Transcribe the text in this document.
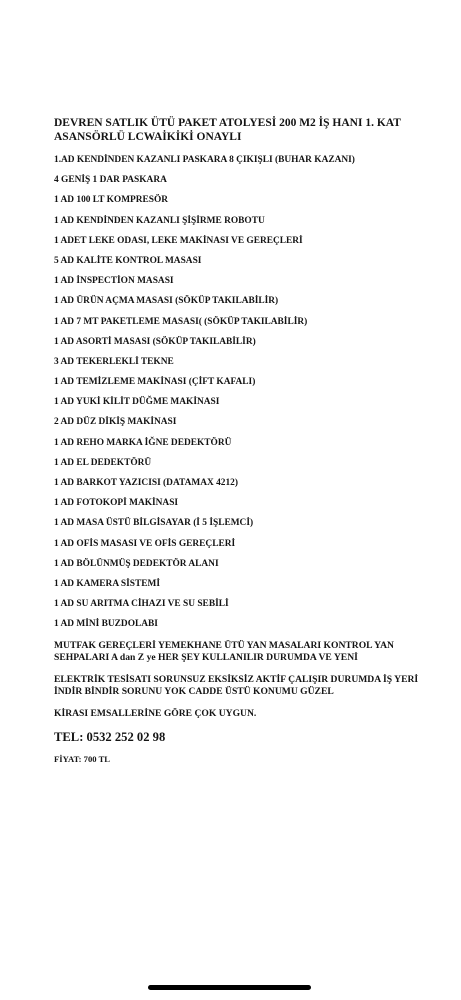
DEVREN SATLIK ÜTÜ PAKET ATOLYESİ 200 M2 İŞ HANI 1. KAT ASANSÖRLÜ LCWAİKİKİ ONAYLI
1.AD KENDİNDEN KAZANLI PASKARA 8 ÇIKIŞLI (BUHAR KAZANI)
4 GENİŞ 1 DAR PASKARA
1 AD 100 LT KOMPRESÖR
1 AD KENDİNDEN KAZANLI ŞİŞİRME ROBOTU
1 ADET LEKE ODASI, LEKE MAKİNASI VE GEREÇLERİ
5 AD KALİTE KONTROL MASASI
1 AD İNSPECTİON MASASI
1 AD ÜRÜN AÇMA MASASI (SÖKÜP TAKILABİLİR)
1 AD 7 MT PAKETLEME MASASI( (SÖKÜP TAKILABİLİR)
1 AD ASORTİ MASASI (SÖKÜP TAKILABİLİR)
3 AD TEKERLEKLİ TEKNE
1 AD TEMİZLEME MAKİNASI (ÇİFT KAFALI)
1 AD YUKİ KİLİT DÜĞME MAKİNASI
2 AD DÜZ DİKİŞ MAKİNASI
1 AD REHO MARKA İĞNE DEDEKTÖRÜ
1 AD EL DEDEKTÖRÜ
1 AD BARKOT YAZICISI (DATAMAX 4212)
1 AD FOTOKOPİ MAKİNASI
1 AD MASA ÜSTÜ BİLGİSAYAR (İ 5 İŞLEMCİ)
1 AD OFİS MASASI VE OFİS GEREÇLERİ
1 AD BÖLÜNMÜŞ DEDEKTÖR ALANI
1 AD KAMERA SİSTEMİ
1 AD SU ARITMA CİHAZI VE SU SEBİLİ
1 AD MİNİ BUZDOLABI
MUTFAK GEREÇLERİ YEMEKHANE ÜTÜ YAN MASALARI KONTROL YAN SEHPALARI A dan Z ye HER ŞEY KULLANILIR DURUMDA VE YENİ
ELEKTRİK TESİSATI SORUNSUZ EKSİKSİZ AKTİF ÇALIŞIR DURUMDA İŞ YERİ İNDİR BİNDİR SORUNU YOK CADDE ÜSTÜ KONUMU GÜZEL
KİRASI EMSALLERİNE GÖRE ÇOK UYGUN.
TEL: 0532 252 02 98
FİYAT: 700 TL
